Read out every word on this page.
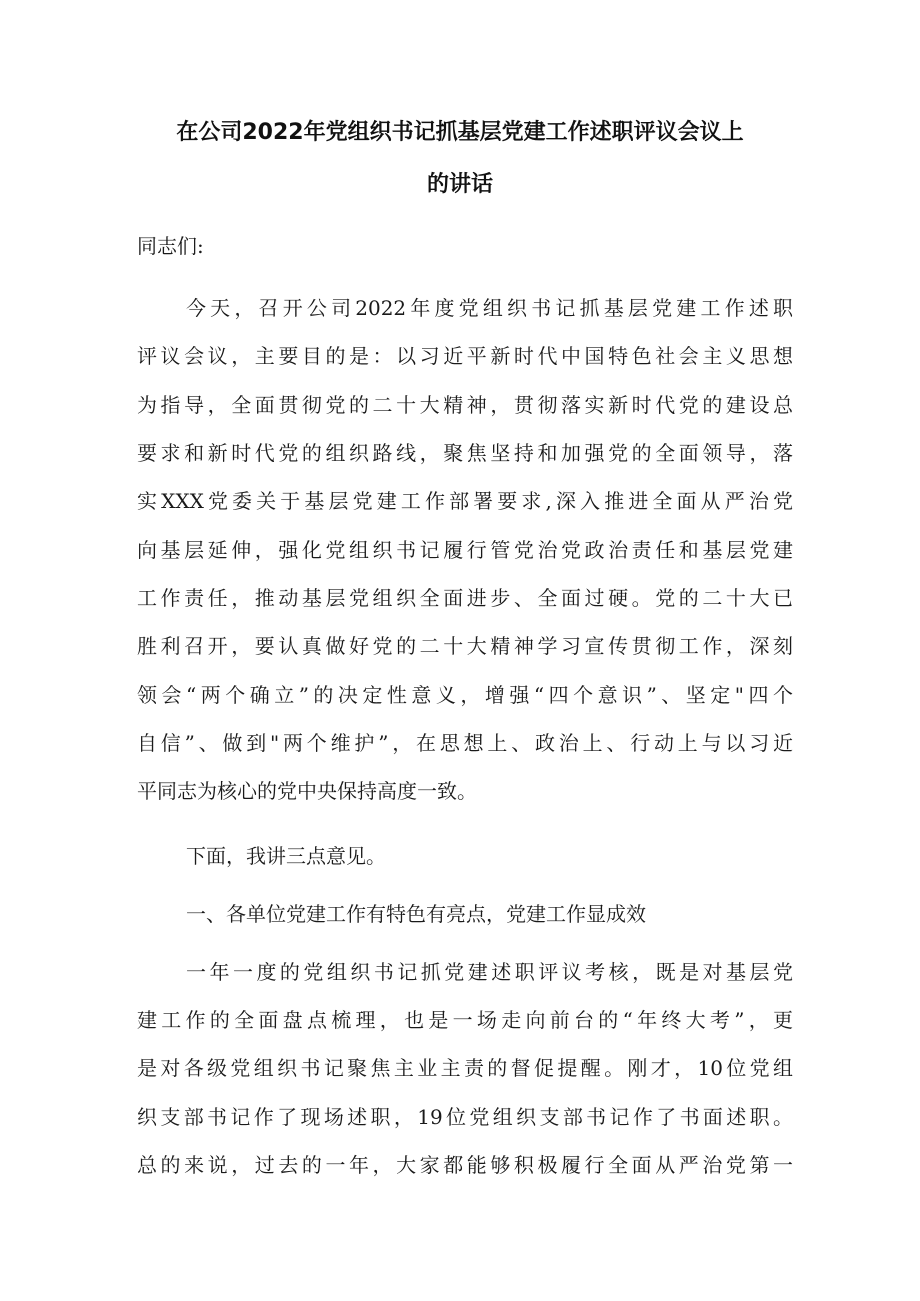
在公司2022年党组织书记抓基层党建工作述职评议会议上
的讲话
同志们:
今天，召开公司2022年度党组织书记抓基层党建工作述职
评议会议，主要目的是：以习近平新时代中国特色社会主义思想
为指导，全面贯彻党的二十大精神，贯彻落实新时代党的建设总
要求和新时代党的组织路线，聚焦坚持和加强党的全面领导，落
实XXX党委关于基层党建工作部署要求,深入推进全面从严治党
向基层延伸，强化党组织书记履行管党治党政治责任和基层党建
工作责任，推动基层党组织全面进步、全面过硬。党的二十大已
胜利召开，要认真做好党的二十大精神学习宣传贯彻工作，深刻
领会“两个确立”的决定性意义，增强“四个意识”、坚定"四个
自信”、做到"两个维护”，在思想上、政治上、行动上与以习近
平同志为核心的党中央保持高度一致。
下面，我讲三点意见。
一、各单位党建工作有特色有亮点，党建工作显成效
一年一度的党组织书记抓党建述职评议考核，既是对基层党
建工作的全面盘点梳理，也是一场走向前台的“年终大考”，更
是对各级党组织书记聚焦主业主责的督促提醒。刚才，10位党组
织支部书记作了现场述职，19位党组织支部书记作了书面述职。
总的来说，过去的一年，大家都能够积极履行全面从严治党第一
